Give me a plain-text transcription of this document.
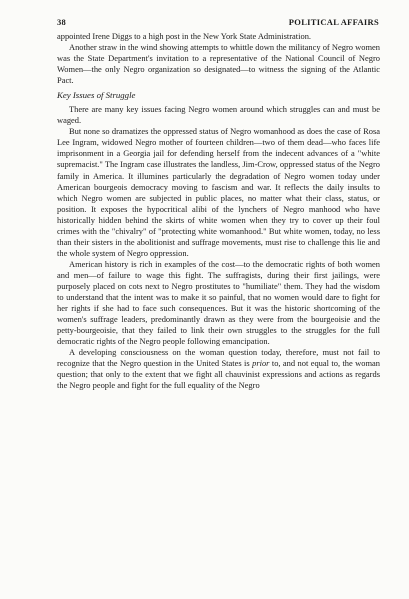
38	POLITICAL AFFAIRS

appointed Irene Diggs to a high post in the New York State Administration.

Another straw in the wind showing attempts to whittle down the militancy of Negro women was the State Department's invitation to a representative of the National Council of Negro Women—the only Negro organization so designated—to witness the signing of the Atlantic Pact.

Key Issues of Struggle

There are many key issues facing Negro women around which struggles can and must be waged.

But none so dramatizes the oppressed status of Negro womanhood as does the case of Rosa Lee Ingram, widowed Negro mother of fourteen children—two of them dead—who faces life imprisonment in a Georgia jail for defending herself from the indecent advances of a "white supremacist." The Ingram case illustrates the landless, Jim-Crow, oppressed status of the Negro family in America. It illumines particularly the degradation of Negro women today under American bourgeois democracy moving to fascism and war. It reflects the daily insults to which Negro women are subjected in public places, no matter what their class, status, or position. It exposes the hypocritical alibi of the lynchers of Negro manhood who have historically hidden behind the skirts of white women when they try to cover up their foul crimes with the "chivalry" of "protecting white womanhood." But white women, today, no less than their sisters in the abolitionist and suffrage movements, must rise to challenge this lie and the whole system of Negro oppression.

American history is rich in examples of the cost—to the democratic rights of both women and men—of failure to wage this fight. The suffragists, during their first jailings, were purposely placed on cots next to Negro prostitutes to "humiliate" them. They had the wisdom to understand that the intent was to make it so painful, that no women would dare to fight for her rights if she had to face such consequences. But it was the historic shortcoming of the women's suffrage leaders, predominantly drawn as they were from the bourgeoisie and the petty-bourgeoisie, that they failed to link their own struggles to the struggles for the full democratic rights of the Negro people following emancipation.

A developing consciousness on the woman question today, therefore, must not fail to recognize that the Negro question in the United States is prior to, and not equal to, the woman question; that only to the extent that we fight all chauvinist expressions and actions as regards the Negro people and fight for the full equality of the Negro
